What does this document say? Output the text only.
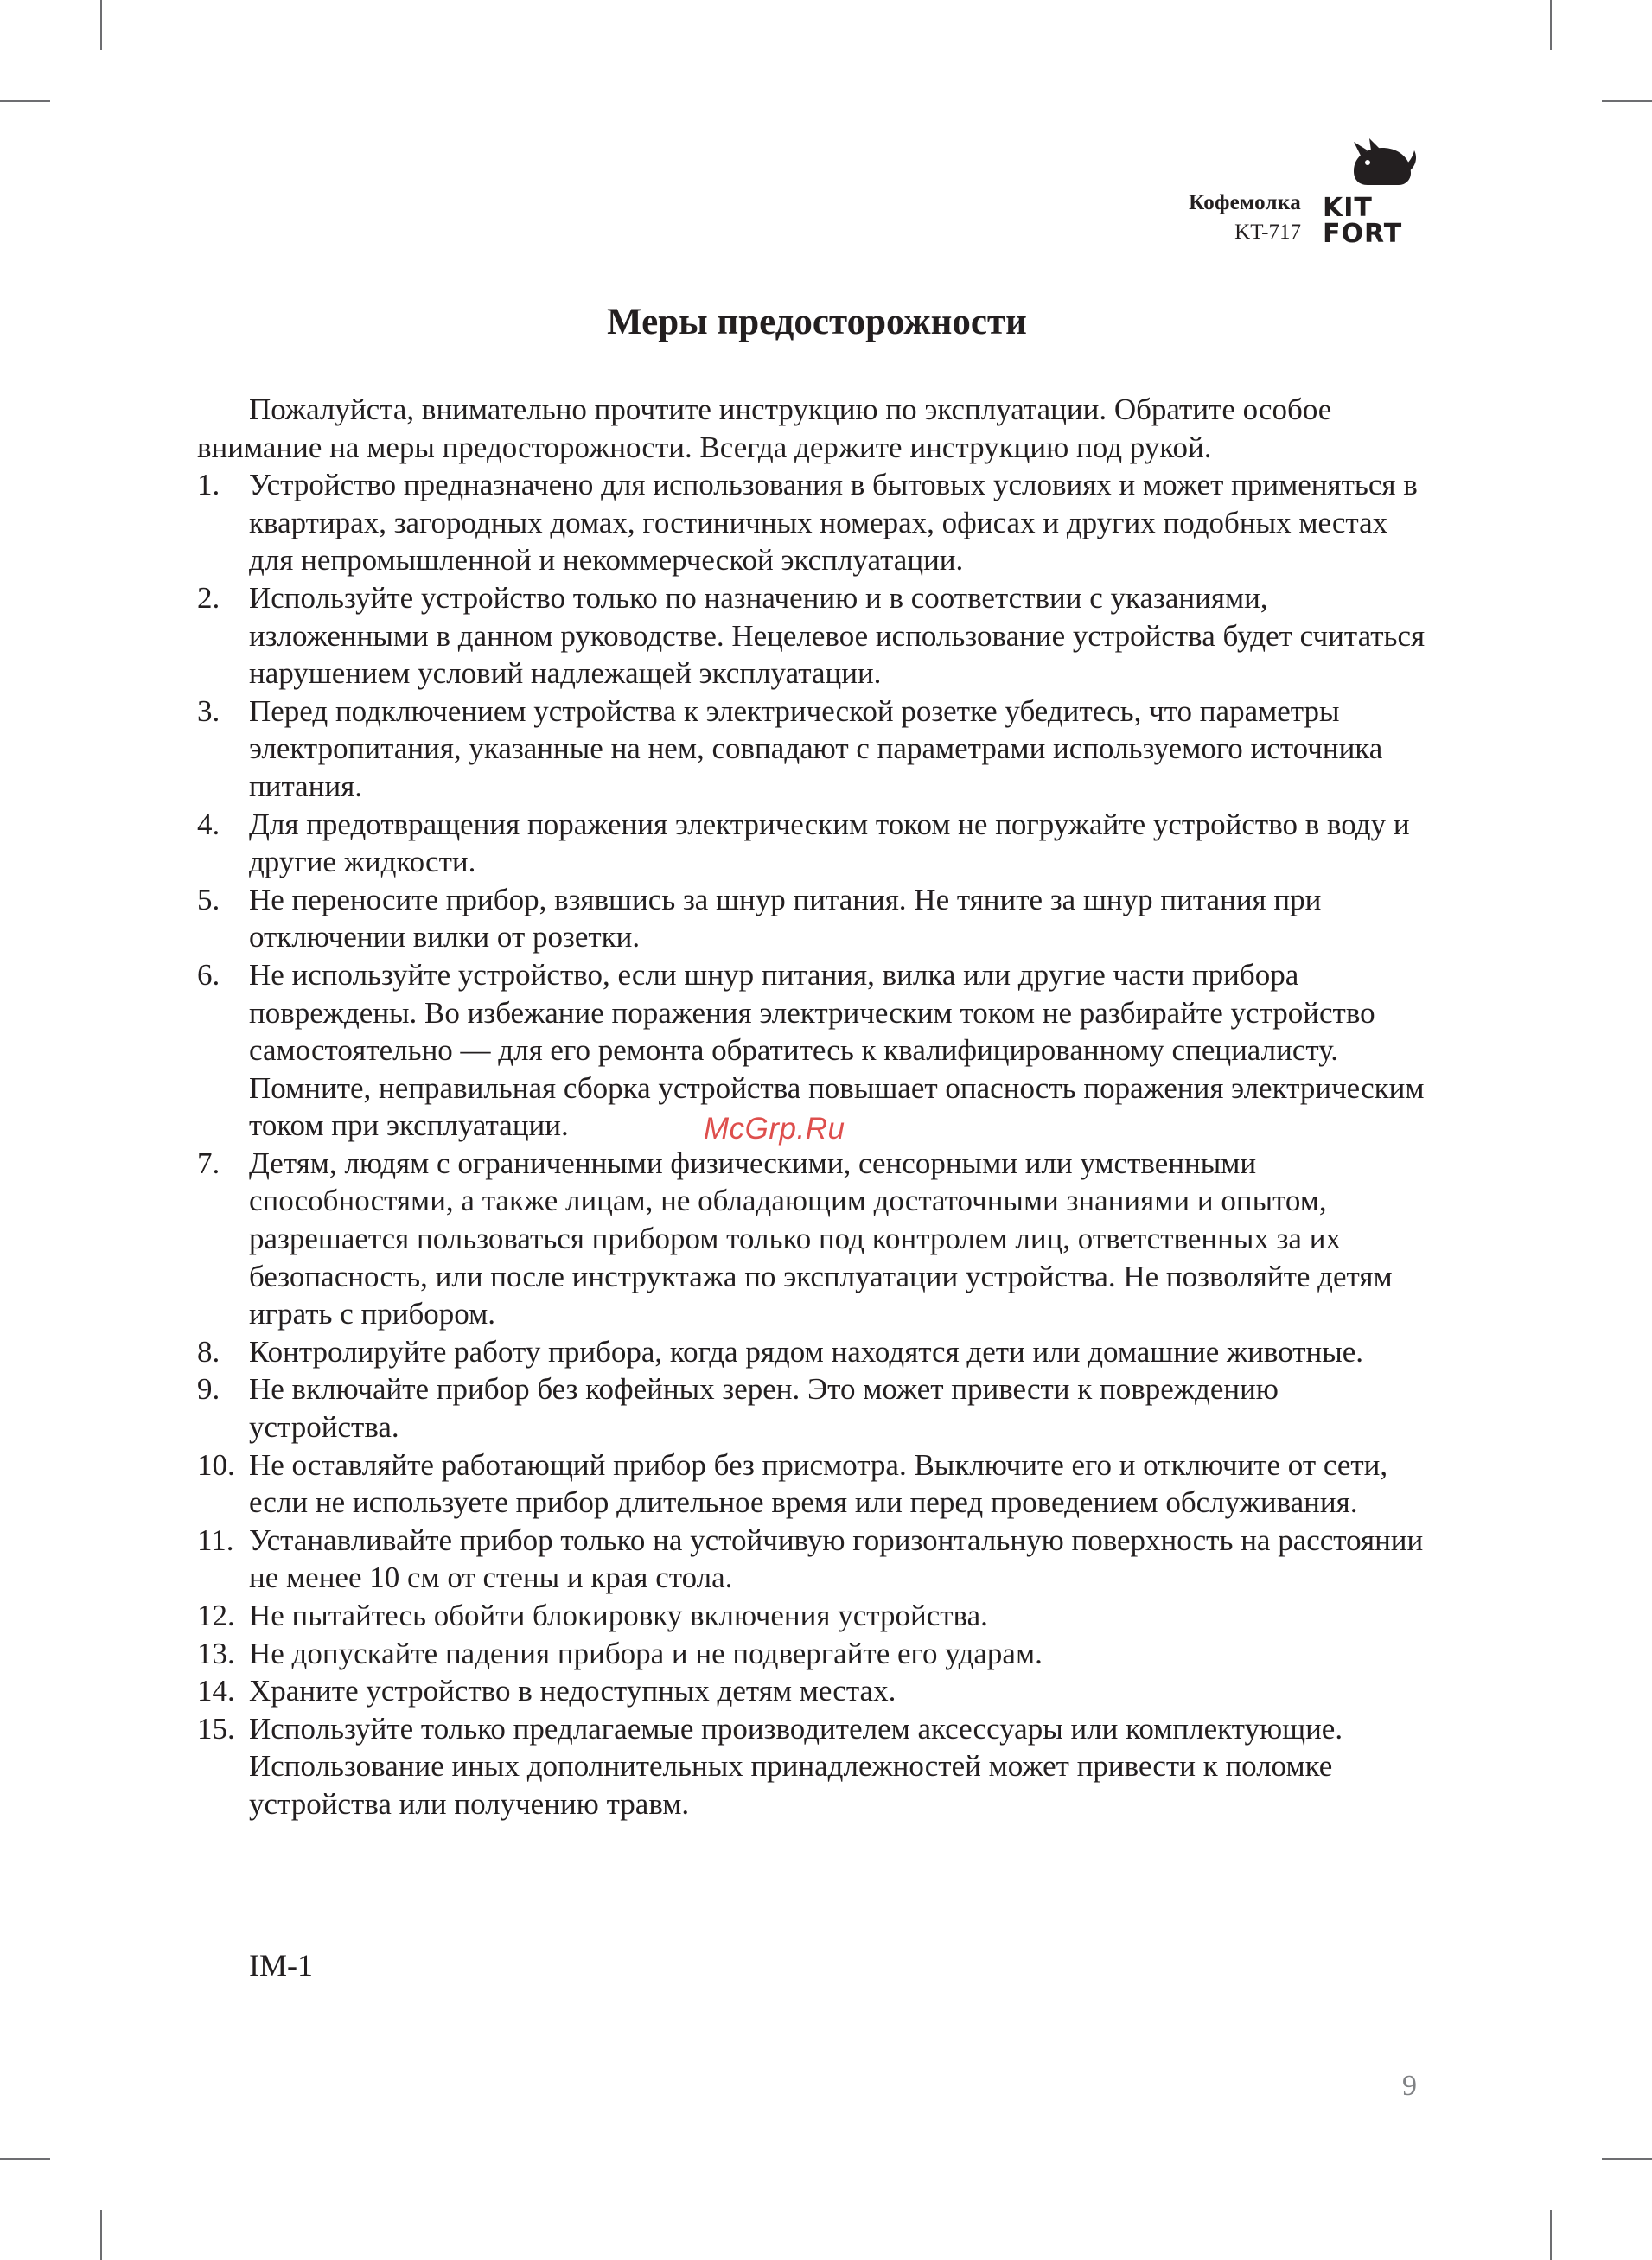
Кофемолка
KT-717
KIT
FORT
Меры предосторожности

Пожалуйста, внимательно прочтите инструкцию по эксплуатации. Обратите особое внимание на меры предосторожности. Всегда держите инструкцию под рукой.

1. Устройство предназначено для использования в бытовых условиях и может применяться в квартирах, загородных домах, гостиничных номерах, офисах и других подобных местах для непромышленной и некоммерческой эксплуатации.
2. Используйте устройство только по назначению и в соответствии с указаниями, изложенными в данном руководстве. Нецелевое использование устройства будет считаться нарушением условий надлежащей эксплуатации.
3. Перед подключением устройства к электрической розетке убедитесь, что параметры электропитания, указанные на нем, совпадают с параметрами используемого источника питания.
4. Для предотвращения поражения электрическим током не погружайте устройство в воду и другие жидкости.
5. Не переносите прибор, взявшись за шнур питания. Не тяните за шнур питания при отключении вилки от розетки.
6. Не используйте устройство, если шнур питания, вилка или другие части прибора повреждены. Во избежание поражения электрическим током не разбирайте устройство самостоятельно — для его ремонта обратитесь к квалифицированному специалисту. Помните, неправильная сборка устройства повышает опасность поражения электрическим током при эксплуатации.
7. Детям, людям с ограниченными физическими, сенсорными или умственными способностями, а также лицам, не обладающим достаточными знаниями и опытом, разрешается пользоваться прибором только под контролем лиц, ответственных за их безопасность, или после инструктажа по эксплуатации устройства. Не позволяйте детям играть с прибором.
8. Контролируйте работу прибора, когда рядом находятся дети или домашние животные.
9. Не включайте прибор без кофейных зерен. Это может привести к повреждению устройства.
10. Не оставляйте работающий прибор без присмотра. Выключите его и отключите от сети, если не используете прибор длительное время или перед проведением обслуживания.
11. Устанавливайте прибор только на устойчивую горизонтальную поверхность на расстоянии не менее 10 см от стены и края стола.
12. Не пытайтесь обойти блокировку включения устройства.
13. Не допускайте падения прибора и не подвергайте его ударам.
14. Храните устройство в недоступных детям местах.
15. Используйте только предлагаемые производителем аксессуары или комплектующие. Использование иных дополнительных принадлежностей может привести к поломке устройства или получению травм.
McGrp.Ru
IM-1
9
